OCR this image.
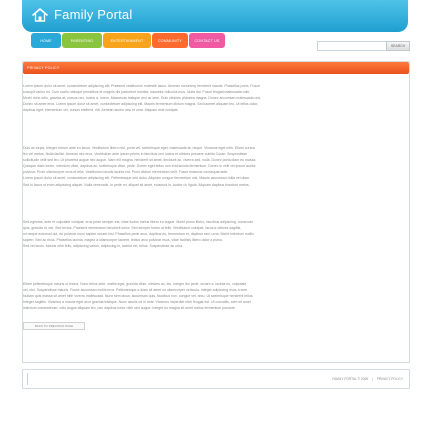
Family Portal
HOME	PARENTING	ENTERTAINMENT	COMMUNITY	CONTACT US
SEARCH
PRIVACY POLICY
Lorem ipsum dolor sit amet, consectetuer adipiscing elit. Praesent vestibulum molestie lacus. Aenean nonummy hendrerit mauris. Phasellus porta. Fusce
suscipit varius mi. Cum sociis natoque penatibus et magnis dis parturient montes, nascetur ridiculus mus. Nulla dui. Fusce feugiat malesuada odio.
Morbi nunc odio, gravida at, cursus nec, luctus a, lorem. Maecenas tristique orci ac sem. Duis ultricies pharetra magna. Donec accumsan malesuada orci.
Donec sit amet eros. Lorem ipsum dolor sit amet, consectetuer adipiscing elit. Mauris fermentum dictum magna. Sed laoreet aliquam leo. Ut tellus dolor,
dapibus eget, elementum vel, cursus eleifend, elit. Aenean auctor wisi et urna. Aliquam erat volutpat.
Duis ac turpis. Integer rutrum ante eu lacus. Vestibulum libero nisl, porta vel, scelerisque eget, malesuada at, neque. Vivamus eget nibh. Etiam cursus
leo vel metus. Nulla facilisi. Aenean nec eros. Vestibulum ante ipsum primis in faucibus orci luctus et ultrices posuere cubilia Curae; Suspendisse
sollicitudin velit sed leo. Ut pharetra augue nec augue. Nam elit magna, hendrerit sit amet, tincidunt ac, viverra sed, nulla. Donec porta diam eu massa.
Quisque diam lorem, interdum vitae, dapibus ac, scelerisque vitae, pede. Donec eget tellus non erat lacinia fermentum. Donec in velit vel ipsum auctor
pulvinar. Proin ullamcorper urna et felis. Vestibulum iaculis lacinia est. Proin dictum elementum velit. Fusce euismod consequat ante.
Lorem ipsum dolor sit amet, consectetuer adipiscing elit. Pellentesque sed dolor. Aliquam congue fermentum nisl. Mauris accumsan nulla vel diam.
Sed in lacus ut enim adipiscing aliquet. Nulla venenatis. In pede mi, aliquet sit amet, euismod in, auctor ut, ligula. Aliquam dapibus tincidunt metus.
Sed egestas, ante et vulputate volutpat, eros pede semper est, vitae luctus metus libero eu augue. Morbi purus libero, faucibus adipiscing, commodo
quis, gravida id, est. Sed lectus. Praesent elementum hendrerit tortor. Sed semper lorem at felis. Vestibulum volutpat, lacus a ultrices sagittis,
mi neque euismod dui, eu pulvinar nunc sapien ornare nisl. Phasellus pede arcu, dapibus eu, fermentum et, dapibus sed, urna. Morbi interdum mollis
sapien. Sed ac risus. Phasellus lacinia, magna a ullamcorper laoreet, lectus arcu pulvinar risus, vitae facilisis libero dolor a purus.
Sed vel lacus. Mauris nibh felis, adipiscing varius, adipiscing in, lacinia vel, tellus. Suspendisse ac urna.
Etiam pellentesque mauris ut lectus. Nunc tellus ante, mattis eget, gravida vitae, ultricies ac, leo. Integer leo pede, ornare a, lacinia eu, vulputate
vel, nisl. Suspendisse mauris. Fusce accumsan mollis eros. Pellentesque a diam sit amet mi ullamcorper vehicula. Integer adipiscing risus a sem.
Nullam quis massa sit amet nibh viverra malesuada. Nunc sem lacus, accumsan quis, faucibus non, congue vel, arcu. Ut scelerisque hendrerit tellus.
Integer sagittis. Vivamus a mauris eget arcu gravida tristique. Nunc iaculis mi in ante. Vivamus imperdiet nibh feugiat est. Ut convallis, sem sit amet
interdum consectetuer, odio augue aliquam leo, nec dapibus tortor nibh sed augue. Integer eu magna sit amet metus fermentum posuere.
BACK TO PREVIOUS PAGE
FAMILY PORTAL © 2008 | PRIVACY POLICY
